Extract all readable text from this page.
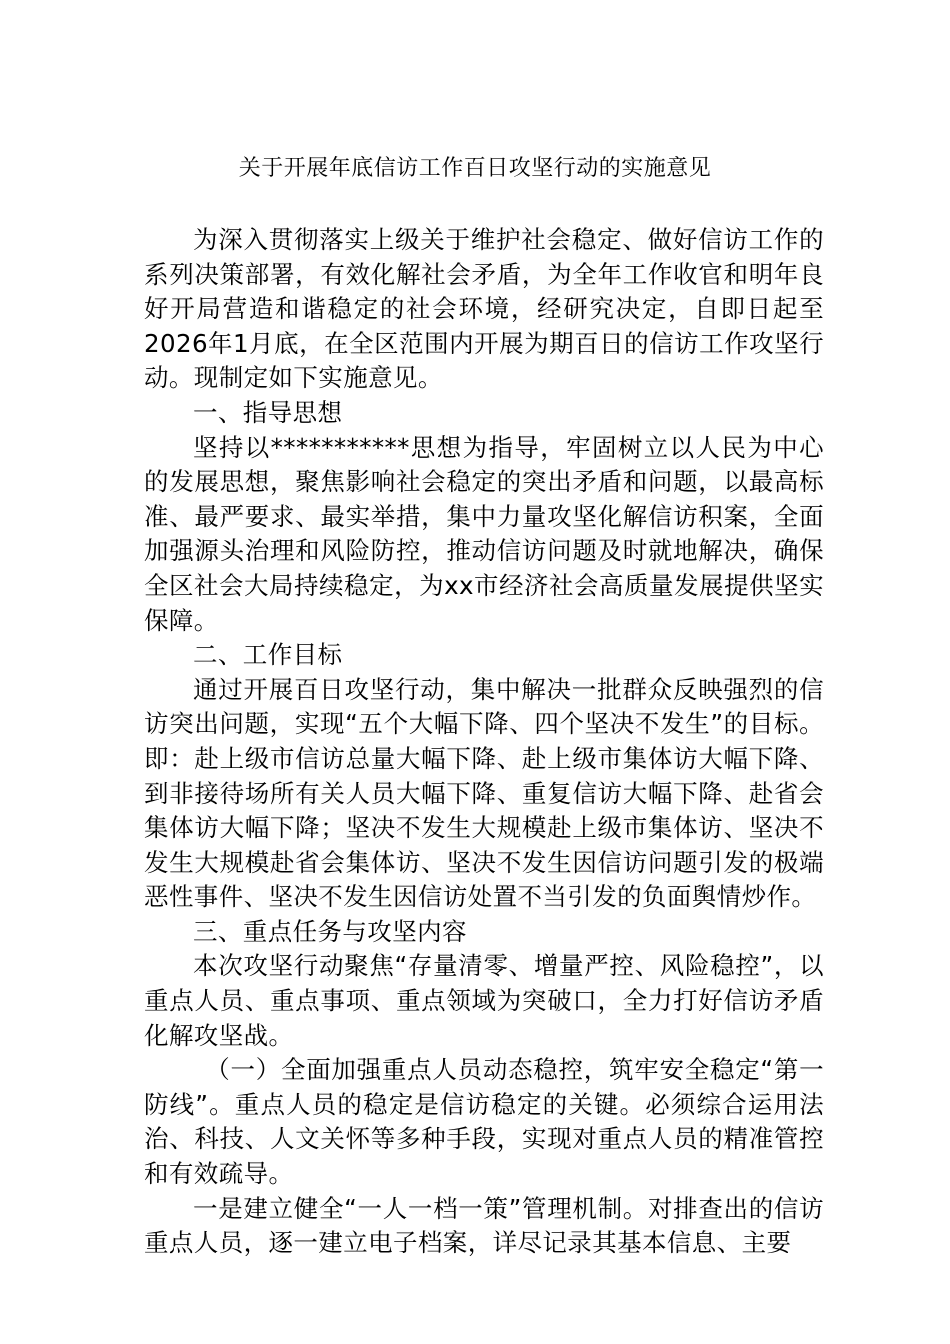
关于开展年底信访工作百日攻坚行动的实施意见

为深入贯彻落实上级关于维护社会稳定、做好信访工作的系列决策部署，有效化解社会矛盾，为全年工作收官和明年良好开局营造和谐稳定的社会环境，经研究决定，自即日起至2026年1月底，在全区范围内开展为期百日的信访工作攻坚行动。现制定如下实施意见。

一、指导思想

坚持以***********思想为指导，牢固树立以人民为中心的发展思想，聚焦影响社会稳定的突出矛盾和问题，以最高标准、最严要求、最实举措，集中力量攻坚化解信访积案，全面加强源头治理和风险防控，推动信访问题及时就地解决，确保全区社会大局持续稳定，为xx市经济社会高质量发展提供坚实保障。

二、工作目标

通过开展百日攻坚行动，集中解决一批群众反映强烈的信访突出问题，实现“五个大幅下降、四个坚决不发生”的目标。即：赴上级市信访总量大幅下降、赴上级市集体访大幅下降、到非接待场所有关人员大幅下降、重复信访大幅下降、赴省会集体访大幅下降；坚决不发生大规模赴上级市集体访、坚决不发生大规模赴省会集体访、坚决不发生因信访问题引发的极端恶性事件、坚决不发生因信访处置不当引发的负面舆情炒作。

三、重点任务与攻坚内容

本次攻坚行动聚焦“存量清零、增量严控、风险稳控”，以重点人员、重点事项、重点领域为突破口，全力打好信访矛盾化解攻坚战。

（一）全面加强重点人员动态稳控，筑牢安全稳定“第一防线”。重点人员的稳定是信访稳定的关键。必须综合运用法治、科技、人文关怀等多种手段，实现对重点人员的精准管控和有效疏导。

一是建立健全“一人一档一策”管理机制。对排查出的信访重点人员，逐一建立电子档案，详尽记录其基本信息、主要
